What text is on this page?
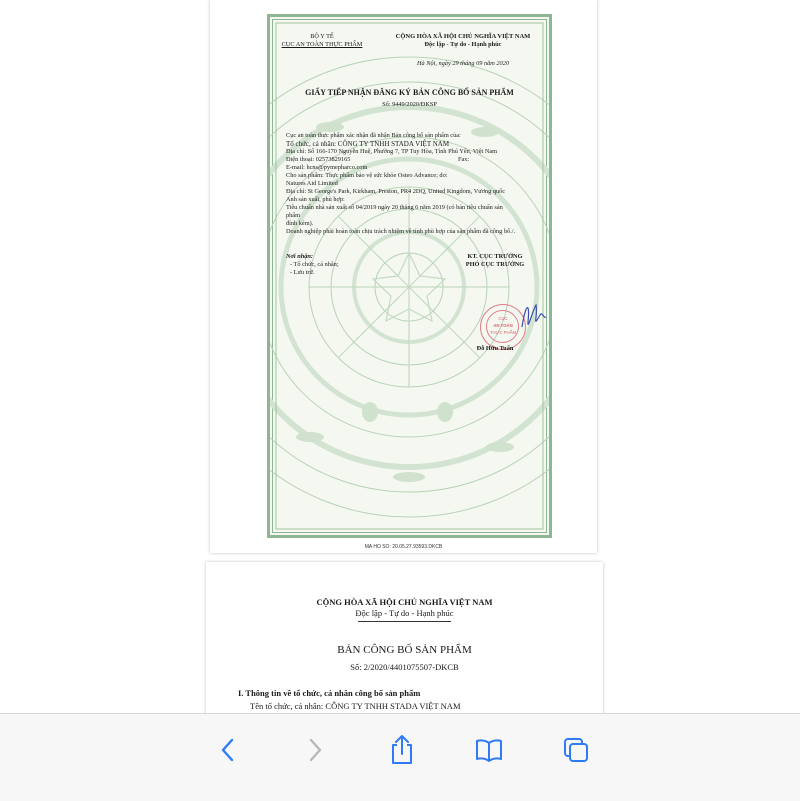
BỘ Y TẾ
CỤC AN TOÀN THỰC PHẨM
CỘNG HÒA XÃ HỘI CHỦ NGHĨA VIỆT NAM
Độc lập - Tự do - Hạnh phúc
Hà Nội, ngày 29 tháng 09 năm 2020
GIẤY TIẾP NHẬN ĐĂNG KÝ BẢN CÔNG BỐ SẢN PHẨM
Số: 9449/2020/ĐKSP
Cục an toàn thực phẩm xác nhận đã nhận Bản công bố sản phẩm của:
Tổ chức, cá nhân: CÔNG TY TNHH STADA VIỆT NAM
Địa chỉ: Số 166-170 Nguyễn Huệ, Phường 7, TP Tuy Hòa, Tỉnh Phú Yên, Việt Nam
Điện thoại: 02573829165	Fax:
E-mail: hcns@pymepharco.com
Cho sản phẩm: Thực phẩm bảo vệ sức khỏe Osteo Advance; do:
Natures Aid Limited
Địa chỉ: St George's Park, Kirkham, Preston, PR4 2DQ, United Kingdom, Vương quốc
Anh sản xuất, phù hợp:
Tiêu chuẩn nhà sản xuất số 04/2019 ngày 20 tháng 6 năm 2019 (có bản tiêu chuẩn sản
phẩm
đính kèm).
Doanh nghiệp phải hoàn toàn chịu trách nhiệm về tính phù hợp của sản phẩm đã công bố./.
Nơi nhận:
- Tổ chức, cá nhân;
- Lưu trữ.
KT. CỤC TRƯỞNG
PHÓ CỤC TRƯỞNG
CỤC
AN TOÀN
THỰC PHẨM
Đỗ Hữu Tuấn
MA HO SO: 20.05.27.93593.DKCB
CỘNG HÒA XÃ HỘI CHỦ NGHĨA VIỆT NAM
Độc lập - Tự do - Hạnh phúc
BẢN CÔNG BỐ SẢN PHẨM
Số: 2/2020/4401075507-DKCB
I. Thông tin về tổ chức, cá nhân công bố sản phẩm
Tên tổ chức, cá nhân: CÔNG TY TNHH STADA VIỆT NAM
